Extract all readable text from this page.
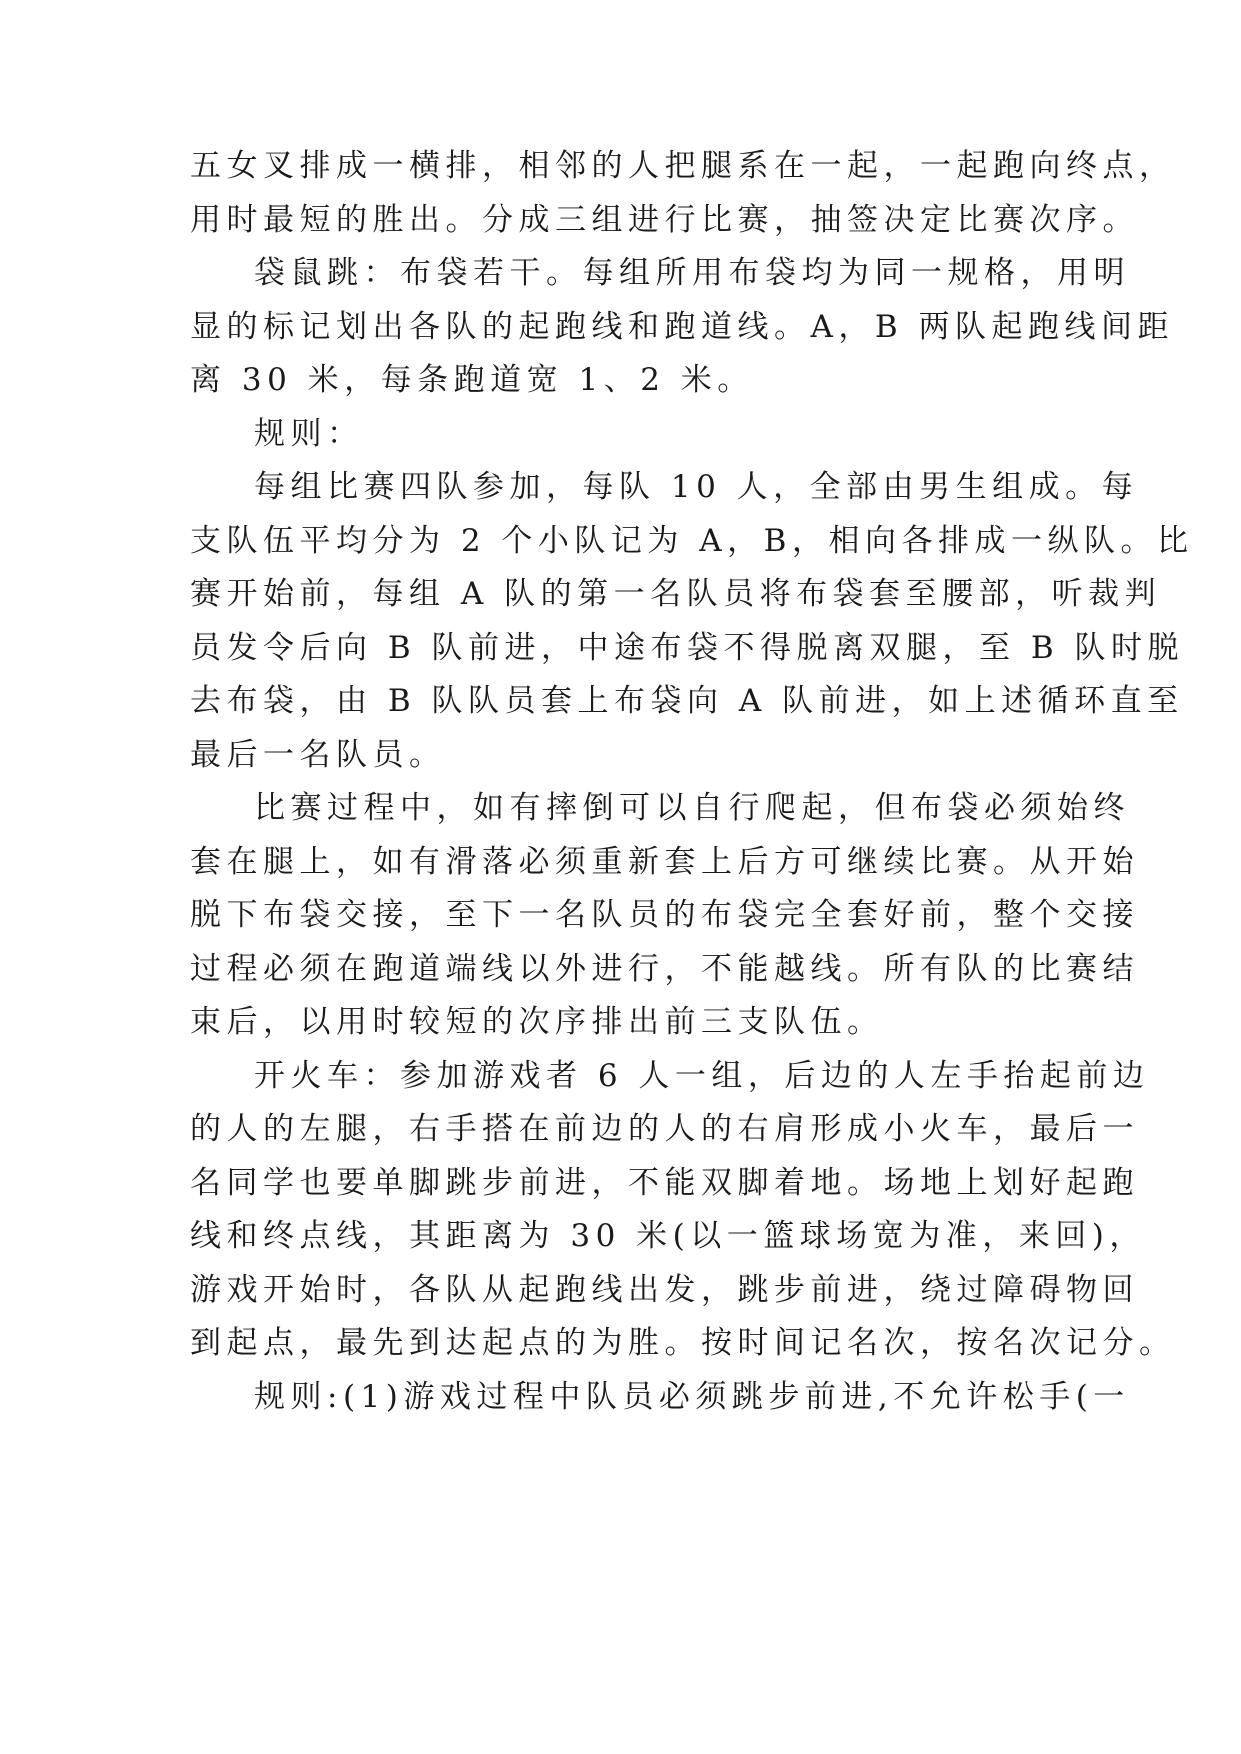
五女叉排成一横排，相邻的人把腿系在一起，一起跑向终点，
用时最短的胜出。分成三组进行比赛，抽签决定比赛次序。
袋鼠跳：布袋若干。每组所用布袋均为同一规格，用明
显的标记划出各队的起跑线和跑道线。A，B 两队起跑线间距
离 30 米，每条跑道宽 1、2 米。
规则：
每组比赛四队参加，每队 10 人，全部由男生组成。每
支队伍平均分为 2 个小队记为 A，B，相向各排成一纵队。比
赛开始前，每组 A 队的第一名队员将布袋套至腰部，听裁判
员发令后向 B 队前进，中途布袋不得脱离双腿，至 B 队时脱
去布袋，由 B 队队员套上布袋向 A 队前进，如上述循环直至
最后一名队员。
比赛过程中，如有摔倒可以自行爬起，但布袋必须始终
套在腿上，如有滑落必须重新套上后方可继续比赛。从开始
脱下布袋交接，至下一名队员的布袋完全套好前，整个交接
过程必须在跑道端线以外进行，不能越线。所有队的比赛结
束后，以用时较短的次序排出前三支队伍。
开火车：参加游戏者 6 人一组，后边的人左手抬起前边
的人的左腿，右手搭在前边的人的右肩形成小火车，最后一
名同学也要单脚跳步前进，不能双脚着地。场地上划好起跑
线和终点线，其距离为 30 米(以一篮球场宽为准，来回)，
游戏开始时，各队从起跑线出发，跳步前进，绕过障碍物回
到起点，最先到达起点的为胜。按时间记名次，按名次记分。
规则:(1)游戏过程中队员必须跳步前进,不允许松手(一
